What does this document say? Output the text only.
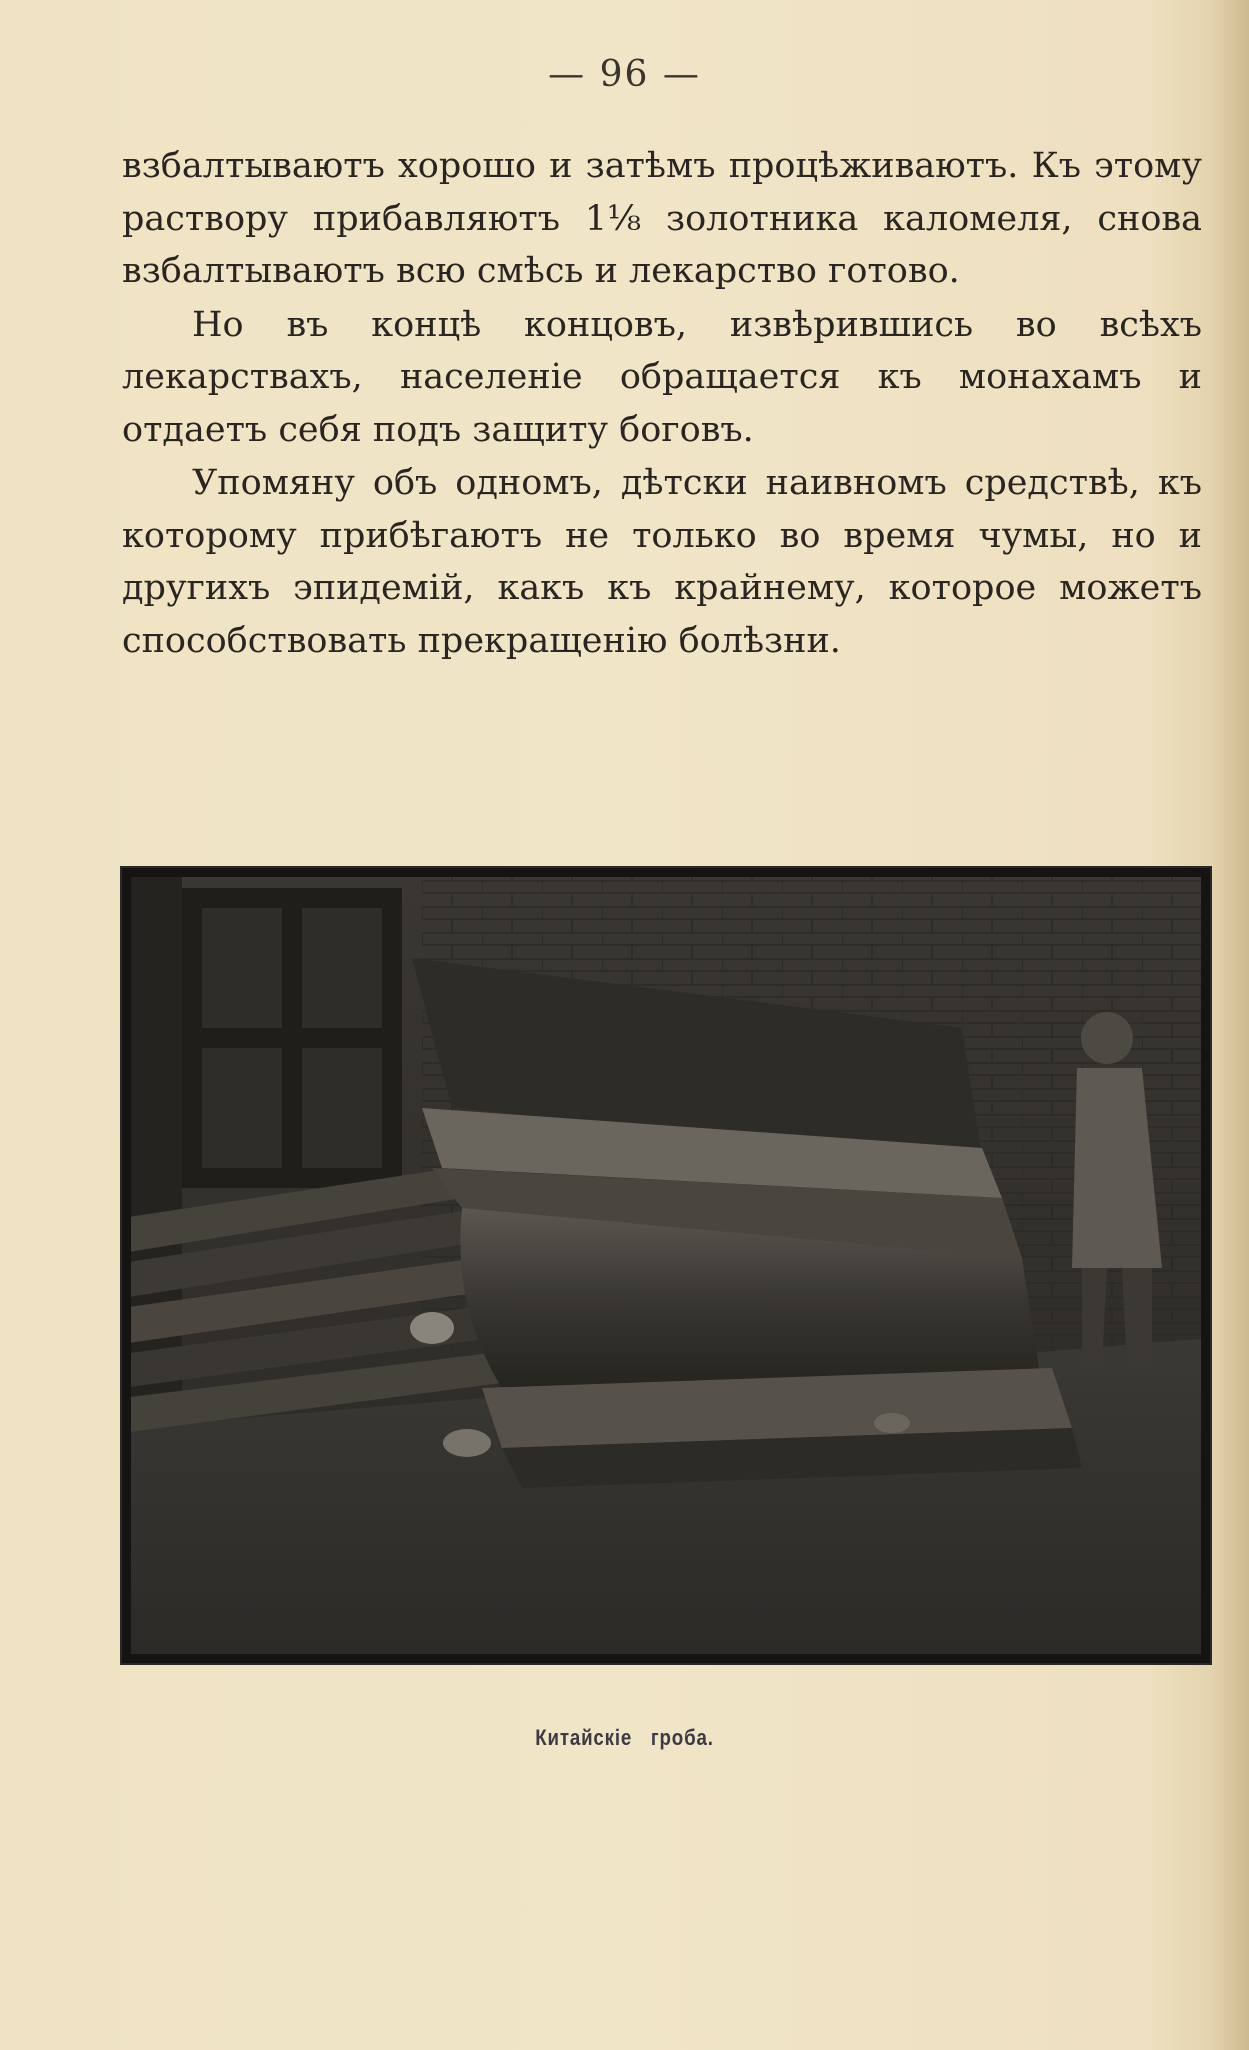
— 96 —

взбалтываютъ хорошо и затѣмъ процѣживаютъ. Къ этому раствору прибавляютъ 1⅛ золотника каломеля, снова взбалтываютъ всю смѣсь и лекарство готово.

Но въ концѣ концовъ, извѣрившись во всѣхъ лекарствахъ, населеніе обращается къ монахамъ и отдаетъ себя подъ защиту боговъ.

Упомяну объ одномъ, дѣтски наивномъ средствѣ, къ которому прибѣгаютъ не только во время чумы, но и другихъ эпидемій, какъ къ крайнему, которое можетъ способствовать прекращенію болѣзни.

Китайскіе гроба.
